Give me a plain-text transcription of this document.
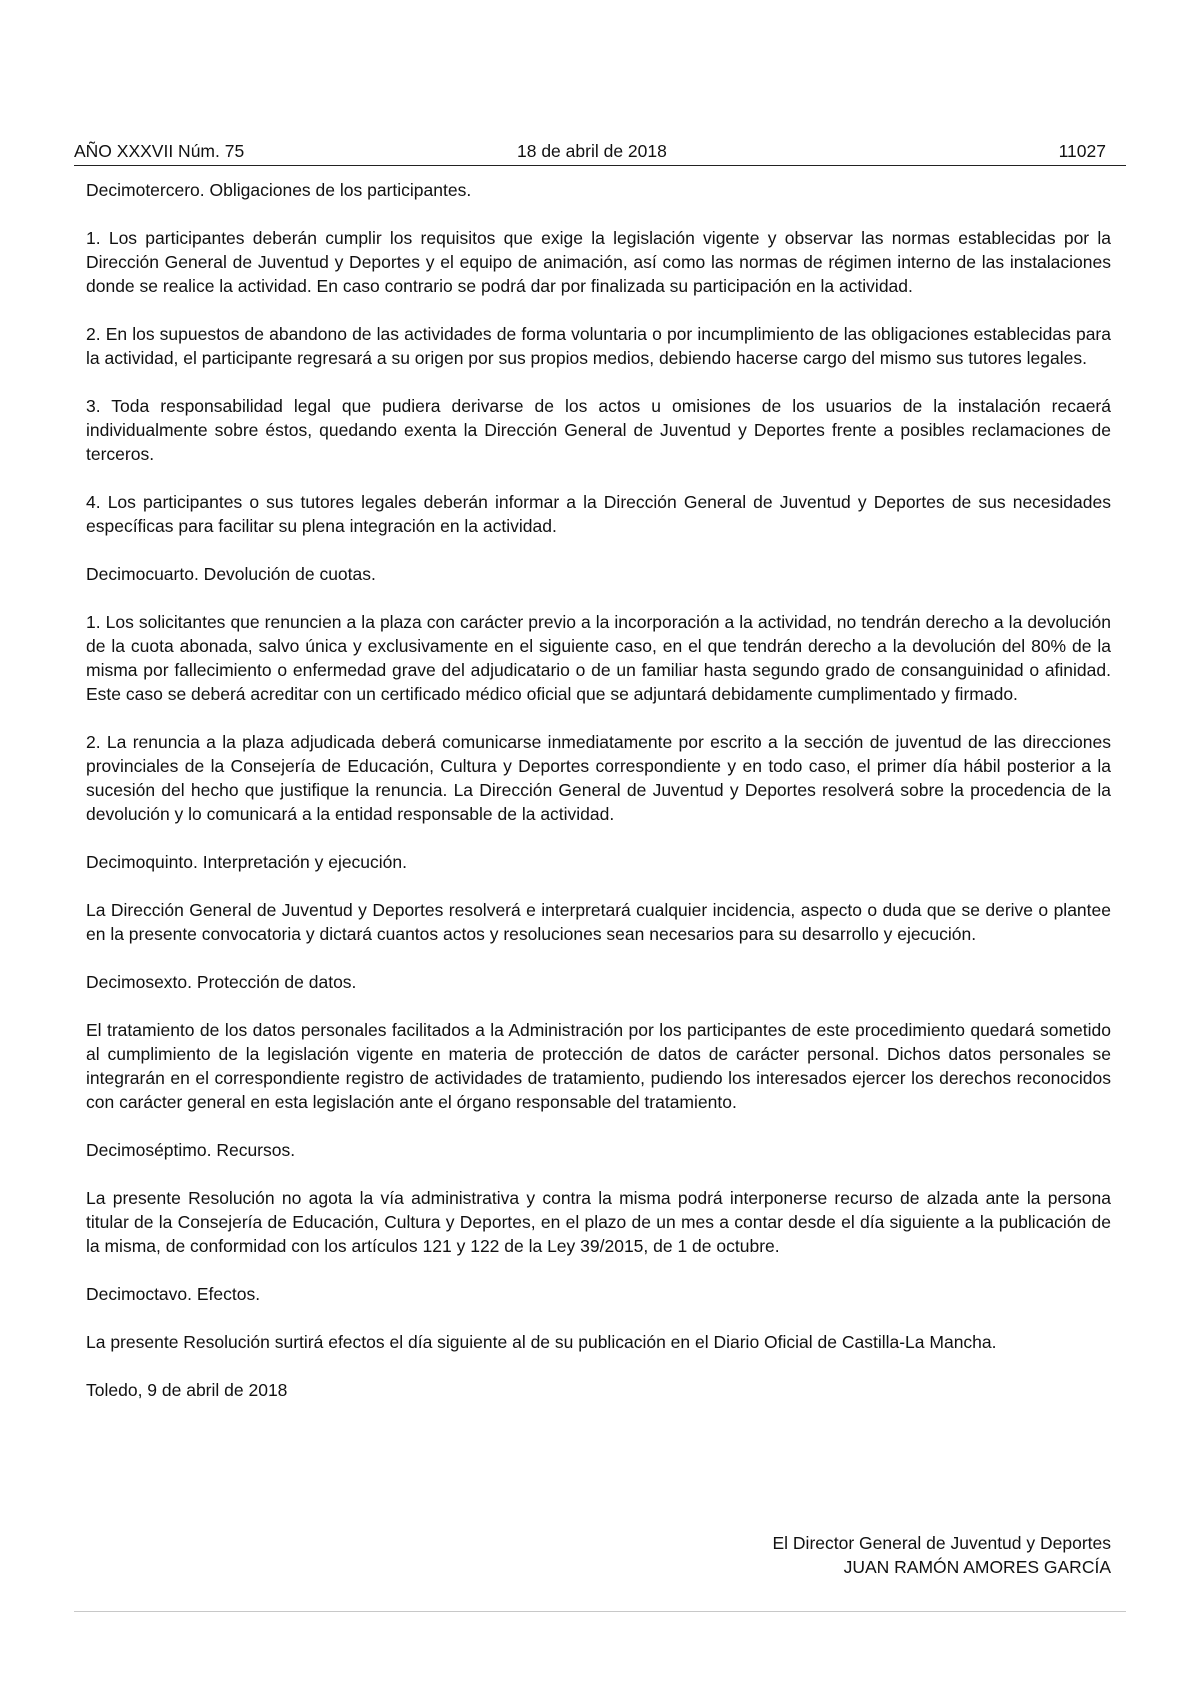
AÑO XXXVII Núm. 75	18 de abril de 2018	11027

Decimotercero. Obligaciones de los participantes.

1. Los participantes deberán cumplir los requisitos que exige la legislación vigente y observar las normas establecidas por la Dirección General de Juventud y Deportes y el equipo de animación, así como las normas de régimen interno de las instalaciones donde se realice la actividad. En caso contrario se podrá dar por finalizada su participación en la actividad.

2. En los supuestos de abandono de las actividades de forma voluntaria o por incumplimiento de las obligaciones establecidas para la actividad, el participante regresará a su origen por sus propios medios, debiendo hacerse cargo del mismo sus tutores legales.

3. Toda responsabilidad legal que pudiera derivarse de los actos u omisiones de los usuarios de la instalación recaerá individualmente sobre éstos, quedando exenta la Dirección General de Juventud y Deportes frente a posibles reclamaciones de terceros.

4. Los participantes o sus tutores legales deberán informar a la Dirección General de Juventud y Deportes de sus necesidades específicas para facilitar su plena integración en la actividad.

Decimocuarto. Devolución de cuotas.

1. Los solicitantes que renuncien a la plaza con carácter previo a la incorporación a la actividad, no tendrán derecho a la devolución de la cuota abonada, salvo única y exclusivamente en el siguiente caso, en el que tendrán derecho a la devolución del 80% de la misma por fallecimiento o enfermedad grave del adjudicatario o de un familiar hasta segundo grado de consanguinidad o afinidad. Este caso se deberá acreditar con un certificado médico oficial que se adjuntará debidamente cumplimentado y firmado.

2. La renuncia a la plaza adjudicada deberá comunicarse inmediatamente por escrito a la sección de juventud de las direcciones provinciales de la Consejería de Educación, Cultura y Deportes correspondiente y en todo caso, el primer día hábil posterior a la sucesión del hecho que justifique la renuncia. La Dirección General de Juventud y Deportes resolverá sobre la procedencia de la devolución y lo comunicará a la entidad responsable de la actividad.

Decimoquinto. Interpretación y ejecución.

La Dirección General de Juventud y Deportes resolverá e interpretará cualquier incidencia, aspecto o duda que se derive o plantee en la presente convocatoria y dictará cuantos actos y resoluciones sean necesarios para su desarrollo y ejecución.

Decimosexto. Protección de datos.

El tratamiento de los datos personales facilitados a la Administración por los participantes de este procedimiento quedará sometido al cumplimiento de la legislación vigente en materia de protección de datos de carácter personal. Dichos datos personales se integrarán en el correspondiente registro de actividades de tratamiento, pudiendo los interesados ejercer los derechos reconocidos con carácter general en esta legislación ante el órgano responsable del tratamiento.

Decimoséptimo. Recursos.

La presente Resolución no agota la vía administrativa y contra la misma podrá interponerse recurso de alzada ante la persona titular de la Consejería de Educación, Cultura y Deportes, en el plazo de un mes a contar desde el día siguiente a la publicación de la misma, de conformidad con los artículos 121 y 122 de la Ley 39/2015, de 1 de octubre.

Decimoctavo. Efectos.

La presente Resolución surtirá efectos el día siguiente al de su publicación en el Diario Oficial de Castilla-La Mancha.

Toledo, 9 de abril de 2018

El Director General de Juventud y Deportes
JUAN RAMÓN AMORES GARCÍA
